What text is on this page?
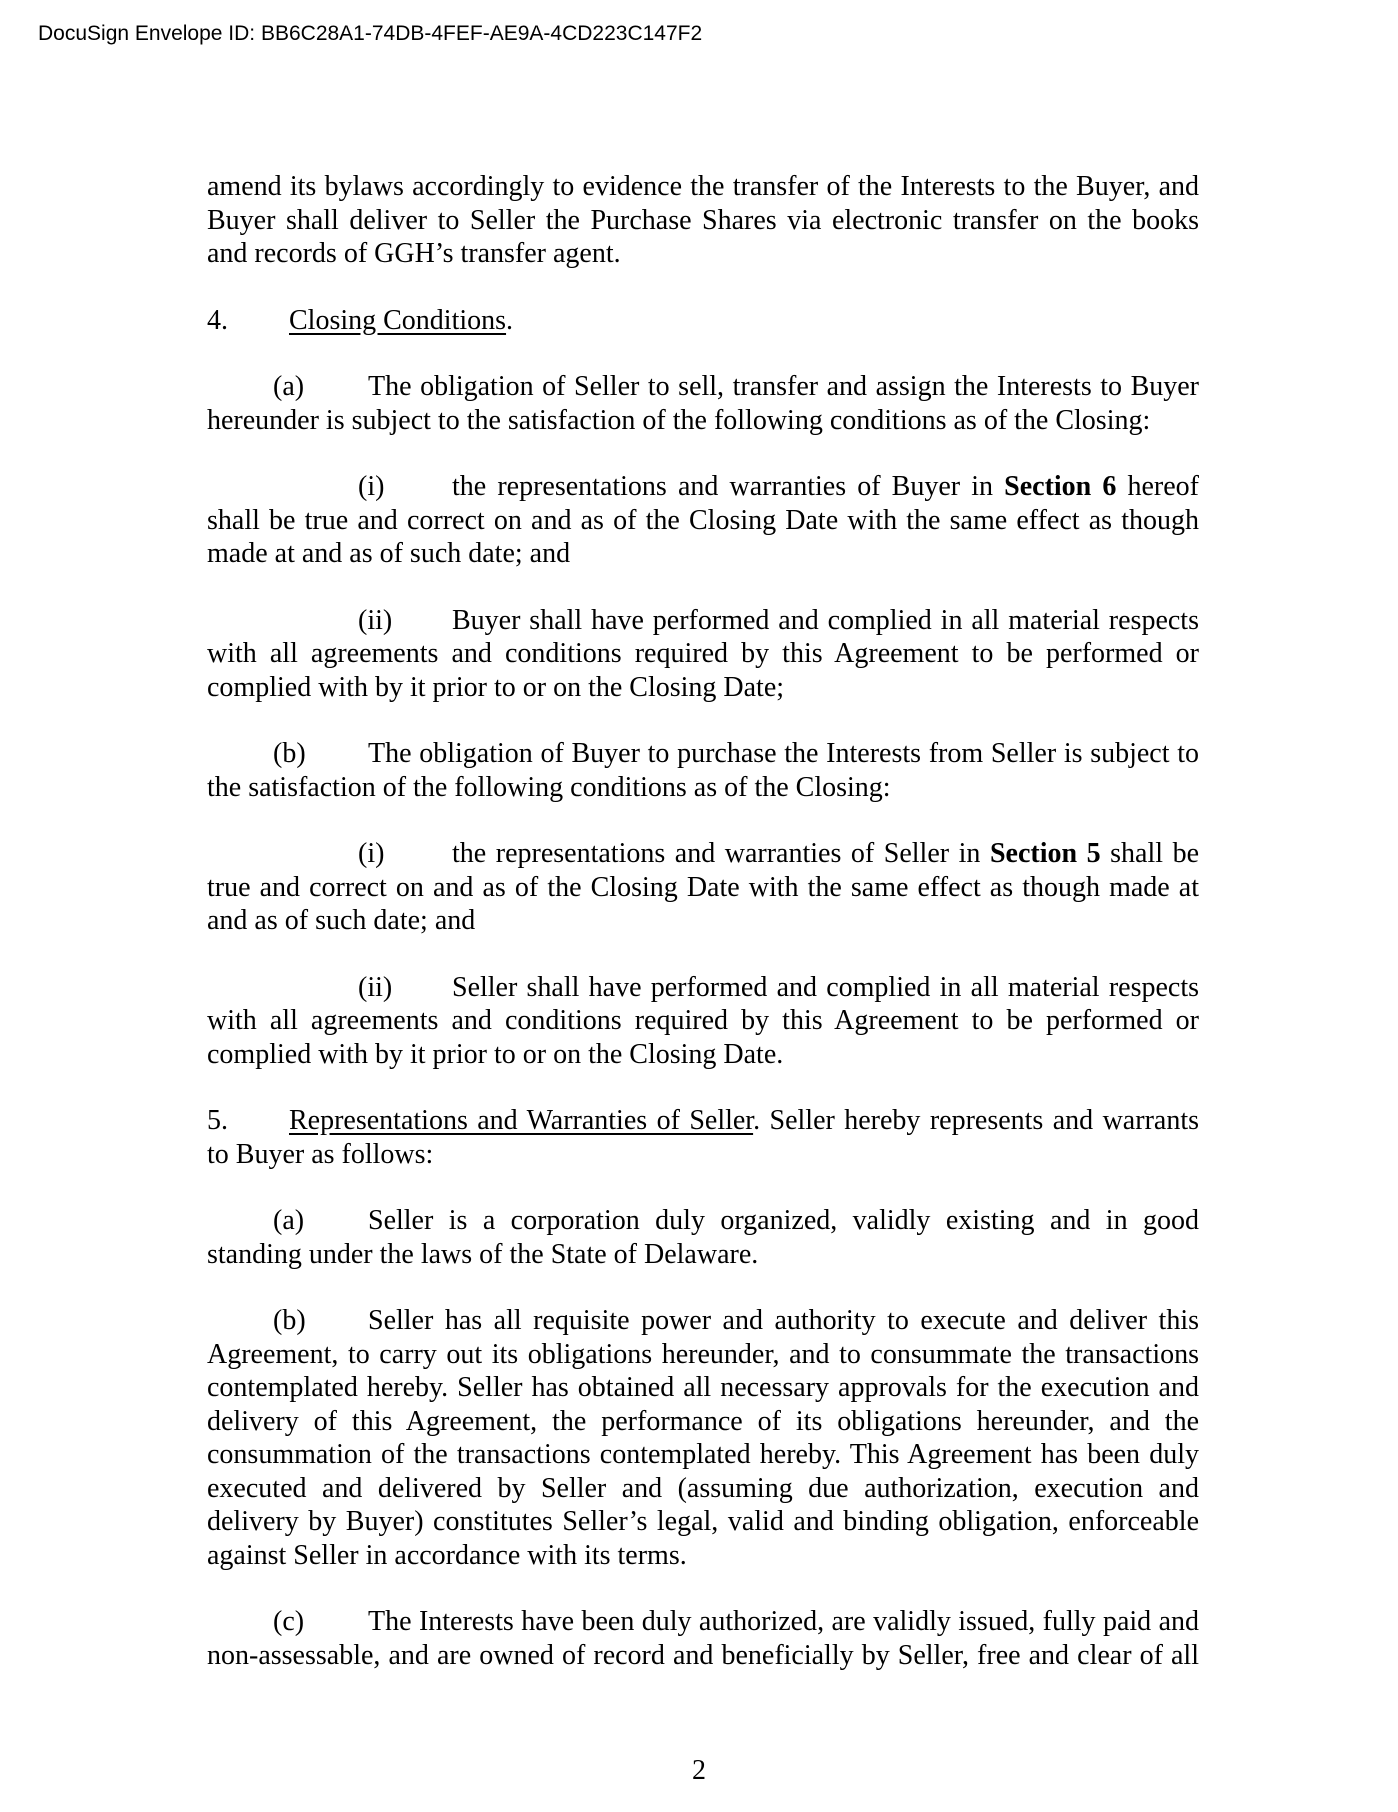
DocuSign Envelope ID: BB6C28A1-74DB-4FEF-AE9A-4CD223C147F2

amend its bylaws accordingly to evidence the transfer of the Interests to the Buyer, and Buyer shall deliver to Seller the Purchase Shares via electronic transfer on the books and records of GGH’s transfer agent.

4. Closing Conditions.

(a) The obligation of Seller to sell, transfer and assign the Interests to Buyer hereunder is subject to the satisfaction of the following conditions as of the Closing:

(i) the representations and warranties of Buyer in Section 6 hereof shall be true and correct on and as of the Closing Date with the same effect as though made at and as of such date; and

(ii) Buyer shall have performed and complied in all material respects with all agreements and conditions required by this Agreement to be performed or complied with by it prior to or on the Closing Date;

(b) The obligation of Buyer to purchase the Interests from Seller is subject to the satisfaction of the following conditions as of the Closing:

(i) the representations and warranties of Seller in Section 5 shall be true and correct on and as of the Closing Date with the same effect as though made at and as of such date; and

(ii) Seller shall have performed and complied in all material respects with all agreements and conditions required by this Agreement to be performed or complied with by it prior to or on the Closing Date.

5. Representations and Warranties of Seller. Seller hereby represents and warrants to Buyer as follows:

(a) Seller is a corporation duly organized, validly existing and in good standing under the laws of the State of Delaware.

(b) Seller has all requisite power and authority to execute and deliver this Agreement, to carry out its obligations hereunder, and to consummate the transactions contemplated hereby. Seller has obtained all necessary approvals for the execution and delivery of this Agreement, the performance of its obligations hereunder, and the consummation of the transactions contemplated hereby. This Agreement has been duly executed and delivered by Seller and (assuming due authorization, execution and delivery by Buyer) constitutes Seller’s legal, valid and binding obligation, enforceable against Seller in accordance with its terms.

(c) The Interests have been duly authorized, are validly issued, fully paid and non-assessable, and are owned of record and beneficially by Seller, free and clear of all

2
